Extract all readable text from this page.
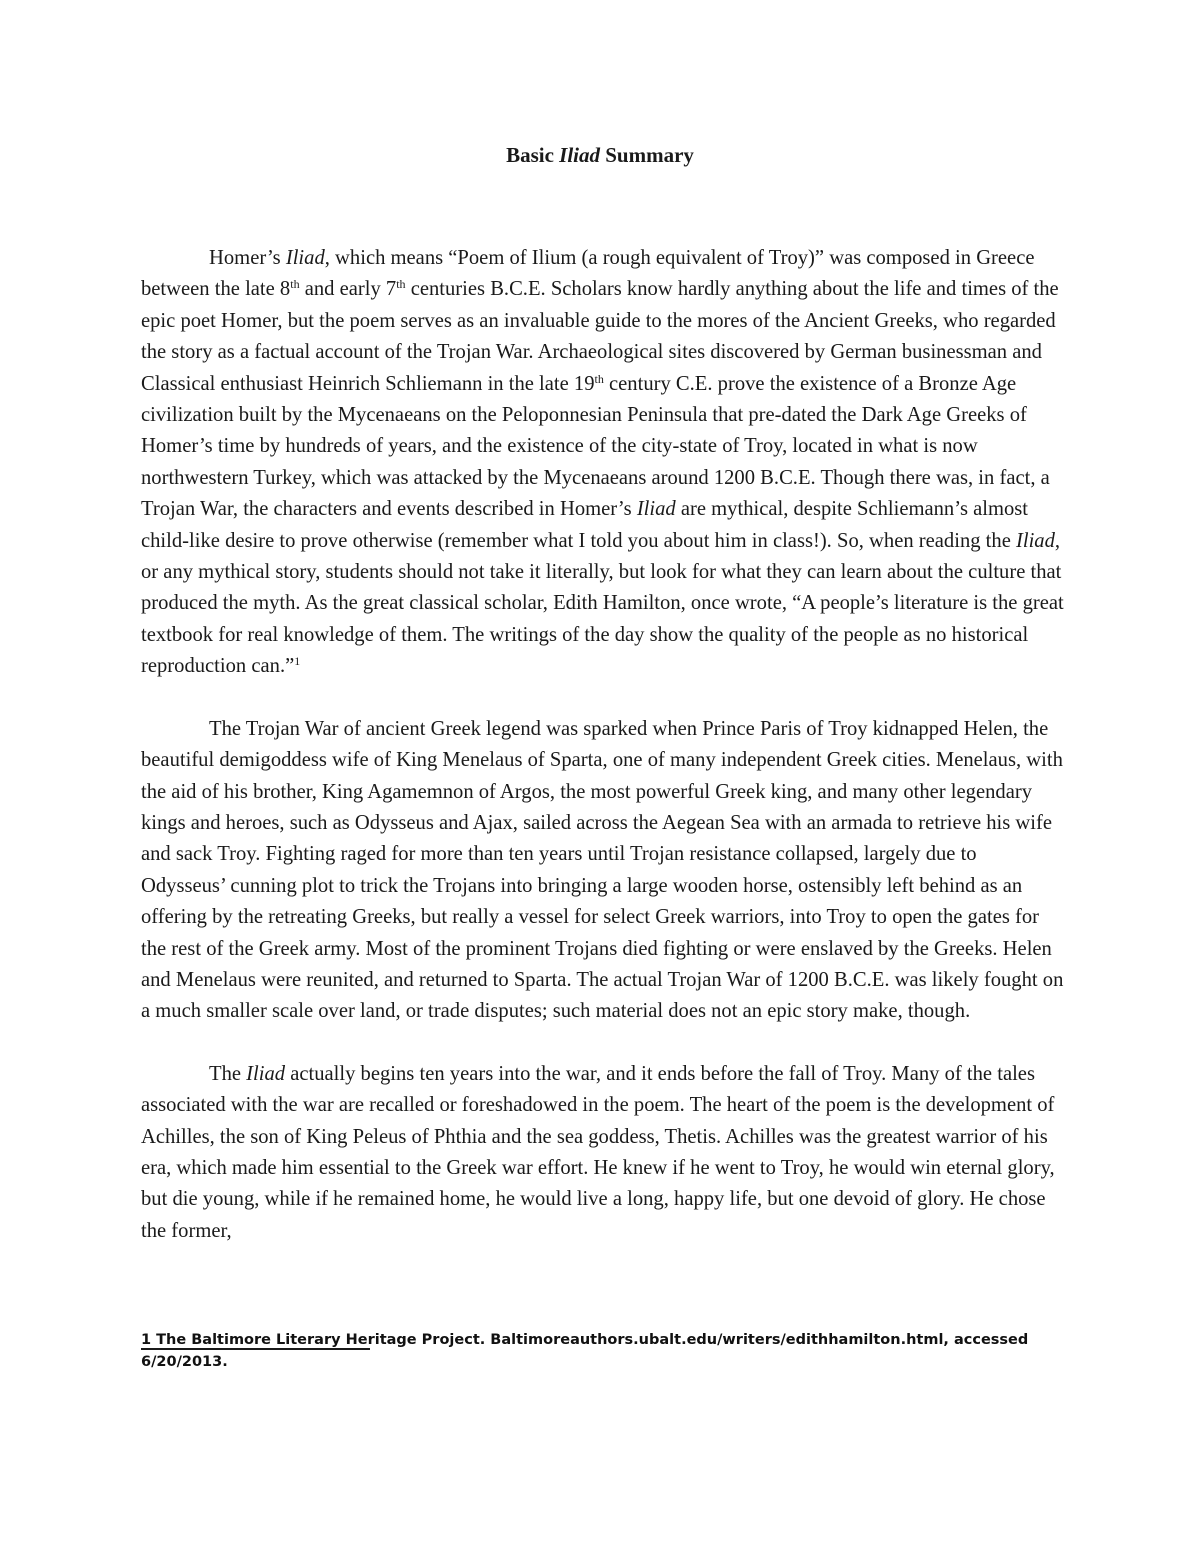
Basic Iliad Summary

Homer’s Iliad, which means “Poem of Ilium (a rough equivalent of Troy)” was composed in Greece between the late 8th and early 7th centuries B.C.E. Scholars know hardly anything about the life and times of the epic poet Homer, but the poem serves as an invaluable guide to the mores of the Ancient Greeks, who regarded the story as a factual account of the Trojan War. Archaeological sites discovered by German businessman and Classical enthusiast Heinrich Schliemann in the late 19th century C.E. prove the existence of a Bronze Age civilization built by the Mycenaeans on the Peloponnesian Peninsula that pre-dated the Dark Age Greeks of Homer’s time by hundreds of years, and the existence of the city-state of Troy, located in what is now northwestern Turkey, which was attacked by the Mycenaeans around 1200 B.C.E. Though there was, in fact, a Trojan War, the characters and events described in Homer’s Iliad are mythical, despite Schliemann’s almost child-like desire to prove otherwise (remember what I told you about him in class!). So, when reading the Iliad, or any mythical story, students should not take it literally, but look for what they can learn about the culture that produced the myth. As the great classical scholar, Edith Hamilton, once wrote, “A people’s literature is the great textbook for real knowledge of them. The writings of the day show the quality of the people as no historical reproduction can.”$^1$

The Trojan War of ancient Greek legend was sparked when Prince Paris of Troy kidnapped Helen, the beautiful demigoddess wife of King Menelaus of Sparta, one of many independent Greek cities. Menelaus, with the aid of his brother, King Agamemnon of Argos, the most powerful Greek king, and many other legendary kings and heroes, such as Odysseus and Ajax, sailed across the Aegean Sea with an armada to retrieve his wife and sack Troy. Fighting raged for more than ten years until Trojan resistance collapsed, largely due to Odysseus’ cunning plot to trick the Trojans into bringing a large wooden horse, ostensibly left behind as an offering by the retreating Greeks, but really a vessel for select Greek warriors, into Troy to open the gates for the rest of the Greek army. Most of the prominent Trojans died fighting or were enslaved by the Greeks. Helen and Menelaus were reunited, and returned to Sparta. The actual Trojan War of 1200 B.C.E. was likely fought on a much smaller scale over land, or trade disputes; such material does not an epic story make, though.

The Iliad actually begins ten years into the war, and it ends before the fall of Troy. Many of the tales associated with the war are recalled or foreshadowed in the poem. The heart of the poem is the development of Achilles, the son of King Peleus of Phthia and the sea goddess, Thetis. Achilles was the greatest warrior of his era, which made him essential to the Greek war effort. He knew if he went to Troy, he would win eternal glory, but die young, while if he remained home, he would live a long, happy life, but one devoid of glory. He chose the former,

1 The Baltimore Literary Heritage Project. Baltimoreauthors.ubalt.edu/writers/edithhamilton.html, accessed
6/20/2013.
